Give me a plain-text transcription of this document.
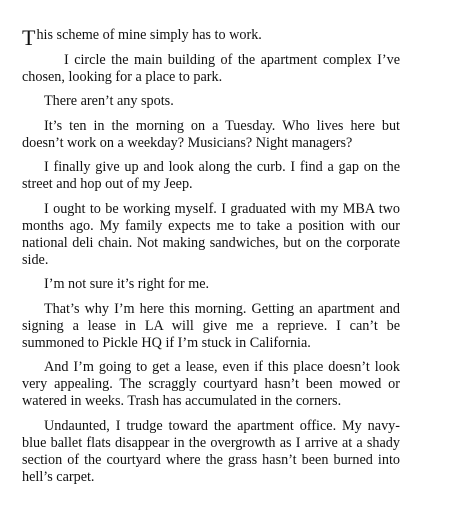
This scheme of mine simply has to work.

I circle the main building of the apartment complex I’ve chosen, looking for a place to park.

There aren’t any spots.

It’s ten in the morning on a Tuesday. Who lives here but doesn’t work on a weekday? Musicians? Night managers?

I finally give up and look along the curb. I find a gap on the street and hop out of my Jeep.

I ought to be working myself. I graduated with my MBA two months ago. My family expects me to take a position with our national deli chain. Not making sandwiches, but on the corporate side.

I’m not sure it’s right for me.

That’s why I’m here this morning. Getting an apartment and signing a lease in LA will give me a reprieve. I can’t be summoned to Pickle HQ if I’m stuck in California.

And I’m going to get a lease, even if this place doesn’t look very appealing. The scraggly courtyard hasn’t been mowed or watered in weeks. Trash has accumulated in the corners.

Undaunted, I trudge toward the apartment office. My navy-blue ballet flats disappear in the overgrowth as I arrive at a shady section of the courtyard where the grass hasn’t been burned into hell’s carpet.
